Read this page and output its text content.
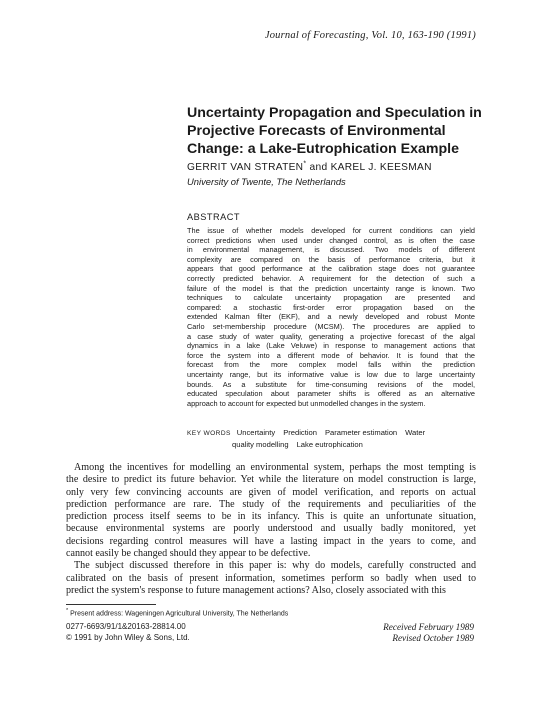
Journal of Forecasting, Vol. 10, 163-190 (1991)
Uncertainty Propagation and Speculation in
Projective Forecasts of Environmental
Change: a Lake-Eutrophication Example
GERRIT VAN STRATEN* and KAREL J. KEESMAN
University of Twente, The Netherlands
ABSTRACT
The issue of whether models developed for current conditions can yield
correct predictions when used under changed control, as is often the case
in environmental management, is discussed. Two models of different
complexity are compared on the basis of performance criteria, but it
appears that good performance at the calibration stage does not guarantee
correctly predicted behavior. A requirement for the detection of such a
failure of the model is that the prediction uncertainty range is known. Two
techniques to calculate uncertainty propagation are presented and
compared: a stochastic first-order error propagation based on the
extended Kalman filter (EKF), and a newly developed and robust Monte
Carlo set-membership procedure (MCSM). The procedures are applied to
a case study of water quality, generating a projective forecast of the algal
dynamics in a lake (Lake Veluwe) in response to management actions that
force the system into a different mode of behavior. It is found that the
forecast from the more complex model falls within the prediction
uncertainty range, but its informative value is low due to large uncertainty
bounds. As a substitute for time-consuming revisions of the model,
educated speculation about parameter shifts is offered as an alternative
approach to account for expected but unmodelled changes in the system.
KEY WORDS Uncertainty Prediction Parameter estimation Water
quality modelling Lake eutrophication
Among the incentives for modelling an environmental system, perhaps the most tempting is
the desire to predict its future behavior. Yet while the literature on model construction is large,
only very few convincing accounts are given of model verification, and reports on actual
prediction performance are rare. The study of the requirements and peculiarities of the
prediction process itself seems to be in its infancy. This is quite an unfortunate situation,
because environmental systems are poorly understood and usually badly monitored, yet
decisions regarding control measures will have a lasting impact in the years to come, and
cannot easily be changed should they appear to be defective.
The subject discussed therefore in this paper is: why do models, carefully constructed and
calibrated on the basis of present information, sometimes perform so badly when used to
predict the system's response to future management actions? Also, closely associated with this
* Present address: Wageningen Agricultural University, The Netherlands
0277-6693/91/1&20163-28814.00
© 1991 by John Wiley & Sons, Ltd.
Received February 1989
Revised October 1989
